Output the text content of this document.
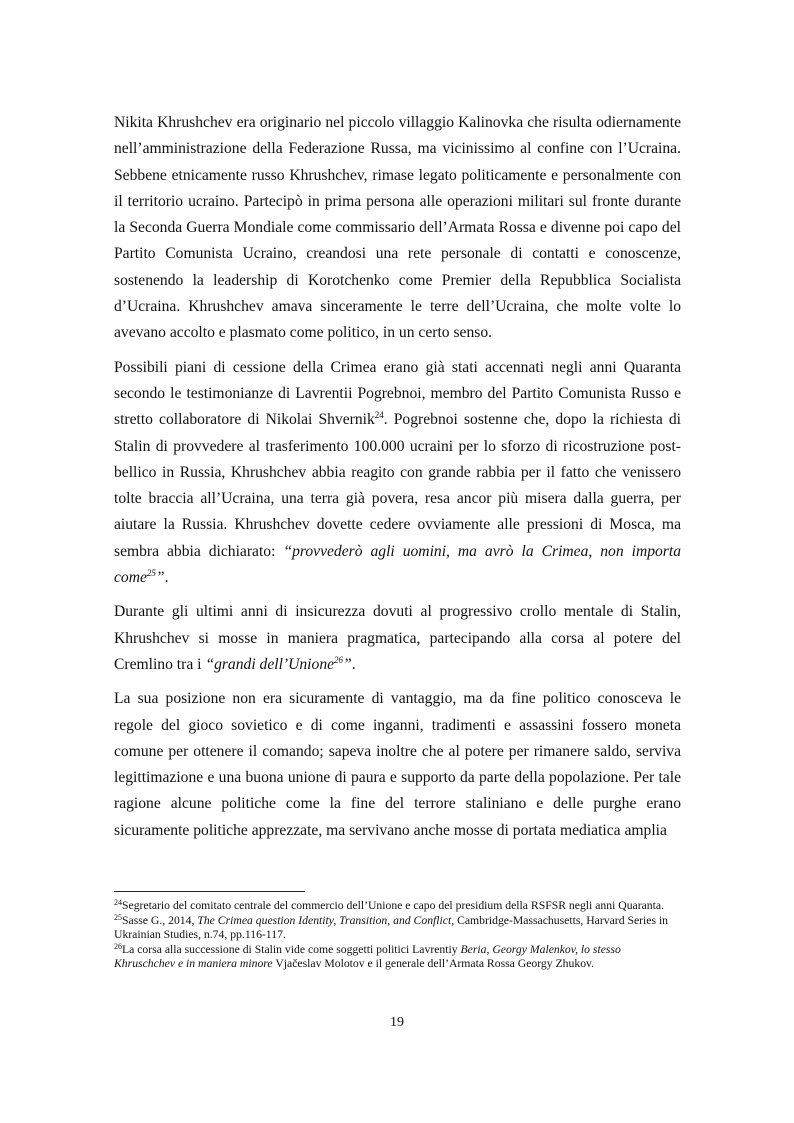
Nikita Khrushchev era originario nel piccolo villaggio Kalinovka che risulta odiernamente nell’amministrazione della Federazione Russa, ma vicinissimo al confine con l’Ucraina. Sebbene etnicamente russo Khrushchev, rimase legato politicamente e personalmente con il territorio ucraino. Partecipò in prima persona alle operazioni militari sul fronte durante la Seconda Guerra Mondiale come commissario dell’Armata Rossa e divenne poi capo del Partito Comunista Ucraino, creandosi una rete personale di contatti e conoscenze, sostenendo la leadership di Korotchenko come Premier della Repubblica Socialista d’Ucraina. Khrushchev amava sinceramente le terre dell’Ucraina, che molte volte lo avevano accolto e plasmato come politico, in un certo senso.

Possibili piani di cessione della Crimea erano già stati accennati negli anni Quaranta secondo le testimonianze di Lavrentii Pogrebnoi, membro del Partito Comunista Russo e stretto collaboratore di Nikolai Shvernik$^{24}$. Pogrebnoi sostenne che, dopo la richiesta di Stalin di provvedere al trasferimento 100.000 ucraini per lo sforzo di ricostruzione post-bellico in Russia, Khrushchev abbia reagito con grande rabbia per il fatto che venissero tolte braccia all’Ucraina, una terra già povera, resa ancor più misera dalla guerra, per aiutare la Russia. Khrushchev dovette cedere ovviamente alle pressioni di Mosca, ma sembra abbia dichiarato: “provvederò agli uomini, ma avrò la Crimea, non importa come$^{25}$”.

Durante gli ultimi anni di insicurezza dovuti al progressivo crollo mentale di Stalin, Khrushchev si mosse in maniera pragmatica, partecipando alla corsa al potere del Cremlino tra i “grandi dell’Unione$^{26}$”.

La sua posizione non era sicuramente di vantaggio, ma da fine politico conosceva le regole del gioco sovietico e di come inganni, tradimenti e assassini fossero moneta comune per ottenere il comando; sapeva inoltre che al potere per rimanere saldo, serviva legittimazione e una buona unione di paura e supporto da parte della popolazione. Per tale ragione alcune politiche come la fine del terrore staliniano e delle purghe erano sicuramente politiche apprezzate, ma servivano anche mosse di portata mediatica amplia

$^{24}$Segretario del comitato centrale del commercio dell’Unione e capo del presidium della RSFSR negli anni Quaranta.

$^{25}$Sasse G., 2014, The Crimea question Identity, Transition, and Conflict, Cambridge-Massachusetts, Harvard Series in Ukrainian Studies, n.74, pp.116-117.

$^{26}$La corsa alla successione di Stalin vide come soggetti politici Lavrentiy Beria, Georgy Malenkov, lo stesso Khruschchev e in maniera minore Vjačeslav Molotov e il generale dell’Armata Rossa Georgy Zhukov.

19
